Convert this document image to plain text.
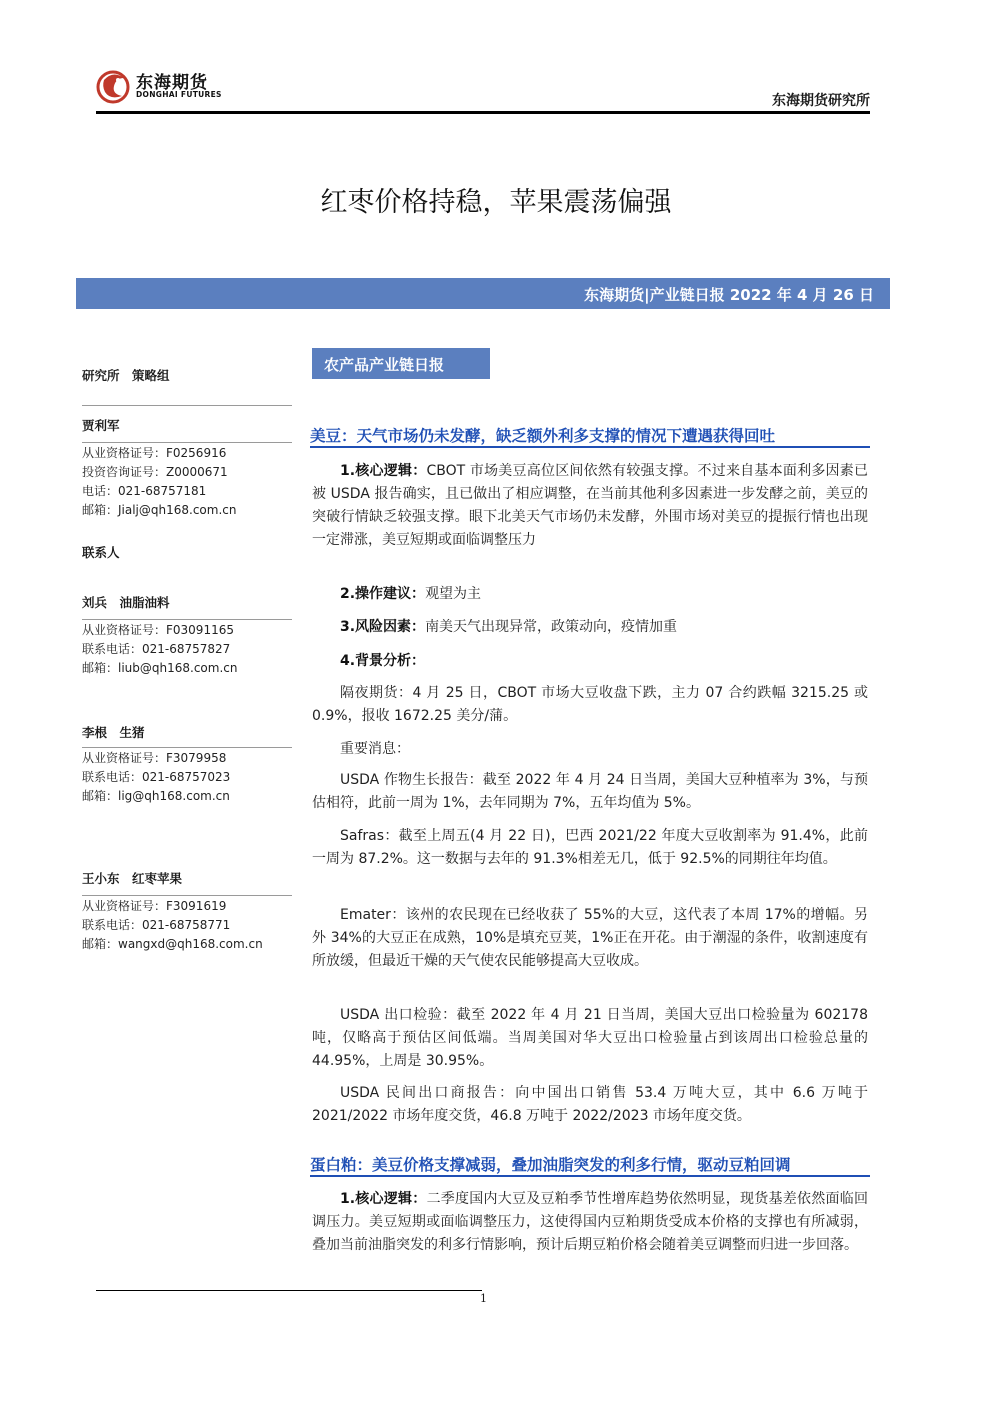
东海期货
DONGHAI FUTURES	东海期货研究所
红枣价格持稳，苹果震荡偏强
东海期货|产业链日报 2022 年 4 月 26 日
研究所　策略组
贾利军
从业资格证号：F0256916
投资咨询证号：Z0000671
电话：021-68757181
邮箱：Jialj@qh168.com.cn
联系人
刘兵　油脂油料
从业资格证号：F03091165
联系电话：021-68757827
邮箱：liub@qh168.com.cn
李根　生猪
从业资格证号：F3079958
联系电话：021-68757023
邮箱：lig@qh168.com.cn
王小东　红枣苹果
从业资格证号：F3091619
联系电话：021-68758771
邮箱：wangxd@qh168.com.cn
农产品产业链日报
美豆：天气市场仍未发酵，缺乏额外利多支撑的情况下遭遇获得回吐
1.核心逻辑：CBOT 市场美豆高位区间依然有较强支撑。不过来自基本面利多因素已被 USDA 报告确实，且已做出了相应调整，在当前其他利多因素进一步发酵之前，美豆的突破行情缺乏较强支撑。眼下北美天气市场仍未发酵，外围市场对美豆的提振行情也出现一定滞涨，美豆短期或面临调整压力
2.操作建议：观望为主
3.风险因素：南美天气出现异常，政策动向，疫情加重
4.背景分析：
隔夜期货：4 月 25 日，CBOT 市场大豆收盘下跌，主力 07 合约跌幅 3215.25 或 0.9%，报收 1672.25 美分/蒲。
重要消息：
USDA 作物生长报告：截至 2022 年 4 月 24 日当周，美国大豆种植率为 3%，与预估相符，此前一周为 1%，去年同期为 7%，五年均值为 5%。
Safras：截至上周五(4 月 22 日)，巴西 2021/22 年度大豆收割率为 91.4%，此前一周为 87.2%。这一数据与去年的 91.3%相差无几，低于 92.5%的同期往年均值。
Emater：该州的农民现在已经收获了 55%的大豆，这代表了本周 17%的增幅。另外 34%的大豆正在成熟，10%是填充豆荚，1%正在开花。由于潮湿的条件，收割速度有所放缓，但最近干燥的天气使农民能够提高大豆收成。
USDA 出口检验：截至 2022 年 4 月 21 日当周，美国大豆出口检验量为 602178 吨，仅略高于预估区间低端。当周美国对华大豆出口检验量占到该周出口检验总量的 44.95%，上周是 30.95%。
USDA 民间出口商报告：向中国出口销售 53.4 万吨大豆，其中 6.6 万吨于 2021/2022 市场年度交货，46.8 万吨于 2022/2023 市场年度交货。
蛋白粕：美豆价格支撑减弱，叠加油脂突发的利多行情，驱动豆粕回调
1.核心逻辑：二季度国内大豆及豆粕季节性增库趋势依然明显，现货基差依然面临回调压力。美豆短期或面临调整压力，这使得国内豆粕期货受成本价格的支撑也有所减弱，叠加当前油脂突发的利多行情影响，预计后期豆粕价格会随着美豆调整而归进一步回落。
1
